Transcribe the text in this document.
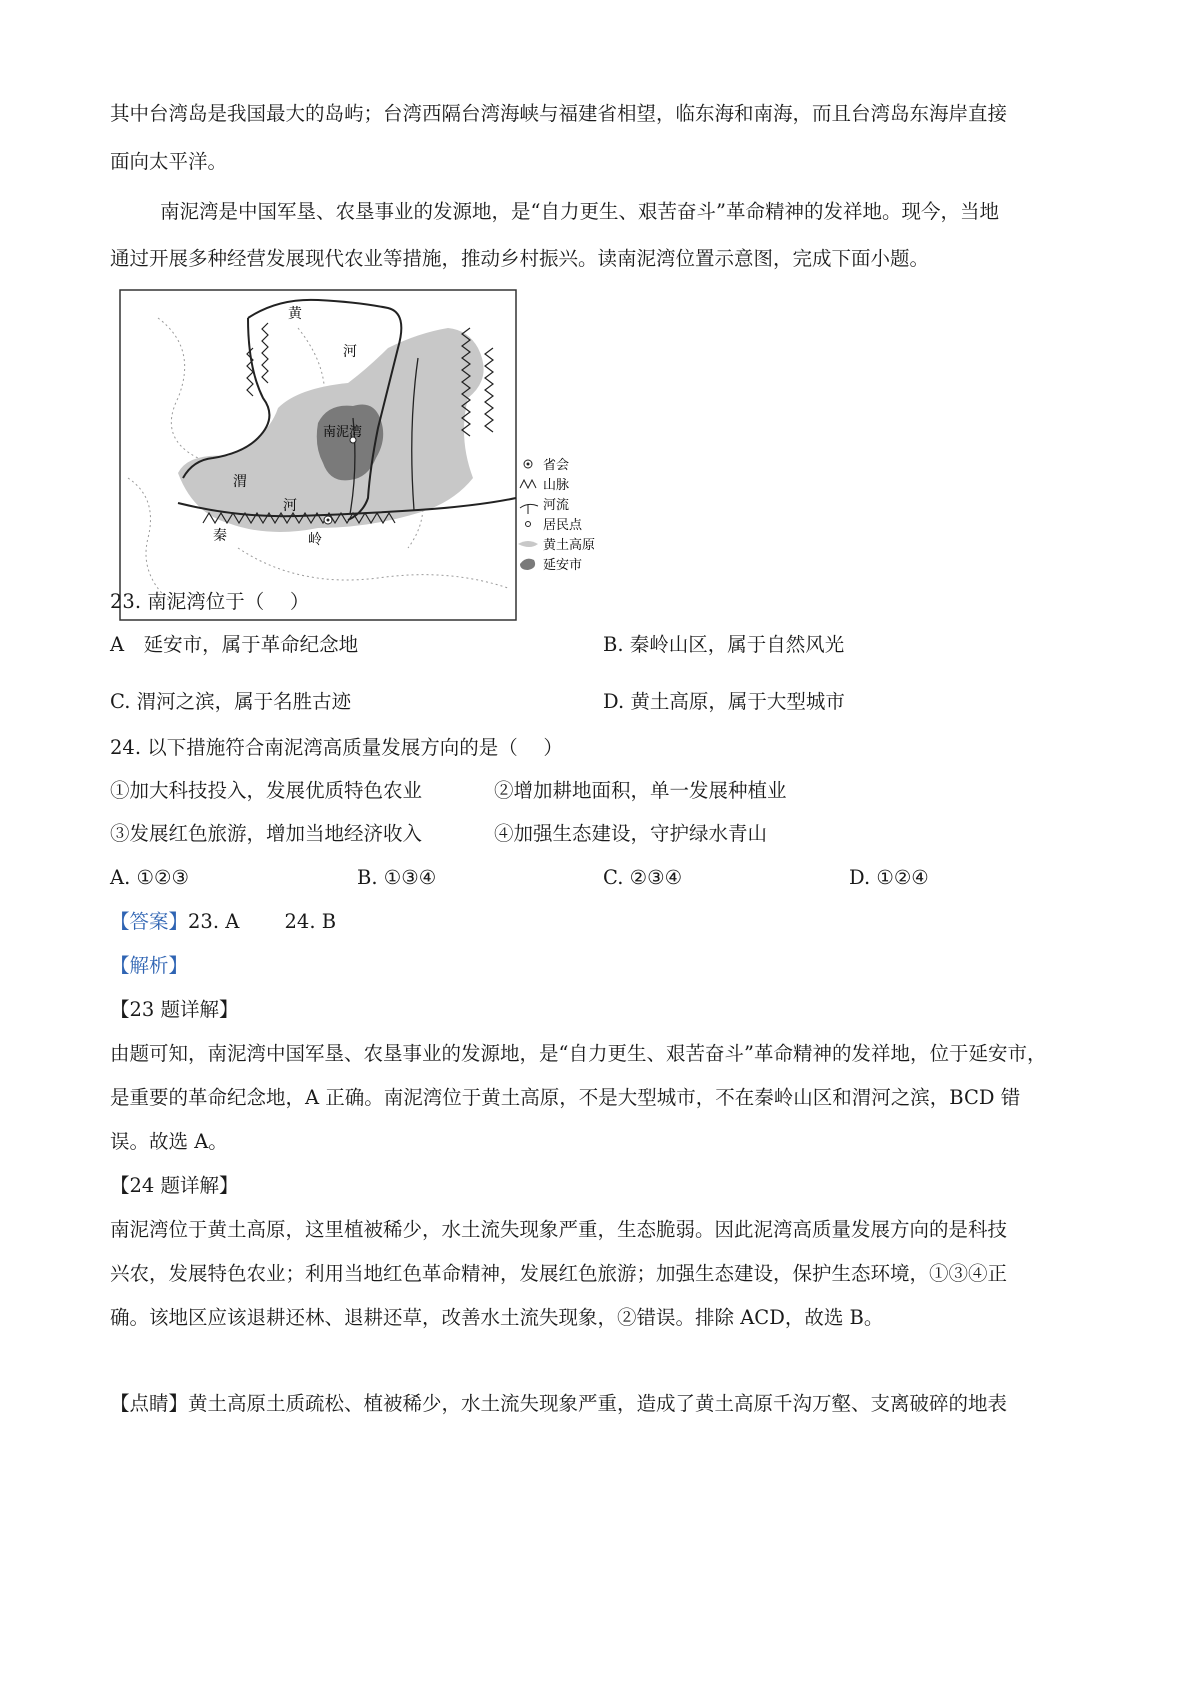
其中台湾岛是我国最大的岛屿；台湾西隔台湾海峡与福建省相望，临东海和南海，而且台湾岛东海岸直接
面向太平洋。
南泥湾是中国军垦、农垦事业的发源地，是“自力更生、艰苦奋斗”革命精神的发祥地。现今，当地
通过开展多种经营发展现代农业等措施，推动乡村振兴。读南泥湾位置示意图，完成下面小题。
黄
河
南泥湾
渭
河
秦	岭
省会
山脉
河流
居民点
黄土高原
延安市
23. 南泥湾位于（　 ）
A　延安市，属于革命纪念地	B. 秦岭山区，属于自然风光
C. 渭河之滨，属于名胜古迹	D. 黄土高原，属于大型城市
24. 以下措施符合南泥湾高质量发展方向的是（　 ）
①加大科技投入，发展优质特色农业	②增加耕地面积，单一发展种植业
③发展红色旅游，增加当地经济收入	④加强生态建设，守护绿水青山
A. ①②③	B. ①③④	C. ②③④	D. ①②④
【答案】23. A　　 24. B
【解析】
【23 题详解】
由题可知，南泥湾中国军垦、农垦事业的发源地，是“自力更生、艰苦奋斗”革命精神的发祥地，位于延安市，
是重要的革命纪念地，A 正确。南泥湾位于黄土高原，不是大型城市，不在秦岭山区和渭河之滨，BCD 错
误。故选 A。
【24 题详解】
南泥湾位于黄土高原，这里植被稀少，水土流失现象严重，生态脆弱。因此泥湾高质量发展方向的是科技
兴农，发展特色农业；利用当地红色革命精神，发展红色旅游；加强生态建设，保护生态环境，①③④正
确。该地区应该退耕还林、退耕还草，改善水土流失现象，②错误。排除 ACD，故选 B。
【点睛】黄土高原土质疏松、植被稀少，水土流失现象严重，造成了黄土高原千沟万壑、支离破碎的地表
